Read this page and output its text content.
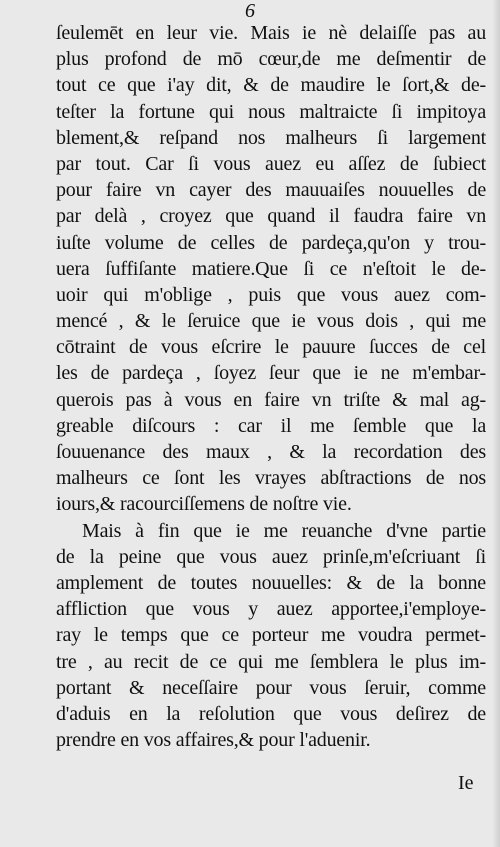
6
ſeulemēt en leur vie. Mais ie nè delaiſſe pas au
plus profond de mō cœur,de me deſmentir de
tout ce que i'ay dit, & de maudire le ſort,& de-
teſter la fortune qui nous maltraicte ſi impitoya
blement,& reſpand nos malheurs ſi largement
par tout. Car ſi vous auez eu aſſez de ſubiect
pour faire vn cayer des mauuaiſes nouuelles de
par delà , croyez que quand il faudra faire vn
iuſte volume de celles de pardeça,qu'on y trou-
uera ſuffiſante matiere.Que ſi ce n'eſtoit le de-
uoir qui m'oblige , puis que vous auez com-
mencé , & le ſeruice que ie vous dois , qui me
cōtraint de vous eſcrire le pauure ſucces de cel
les de pardeça , ſoyez ſeur que ie ne m'embar-
querois pas à vous en faire vn triſte & mal ag-
greable diſcours : car il me ſemble que la
ſouuenance des maux , & la recordation des
malheurs ce ſont les vrayes abſtractions de nos
iours,& racourciſſemens de noſtre vie.
Mais à fin que ie me reuanche d'vne partie
de la peine que vous auez prinſe,m'eſcriuant ſi
amplement de toutes nouuelles: & de la bonne
affliction que vous y auez apportee,i'employe-
ray le temps que ce porteur me voudra permet-
tre , au recit de ce qui me ſemblera le plus im-
portant & neceſſaire pour vous ſeruir, comme
d'aduis en la reſolution que vous deſirez de
prendre en vos affaires,& pour l'aduenir.
Ie
